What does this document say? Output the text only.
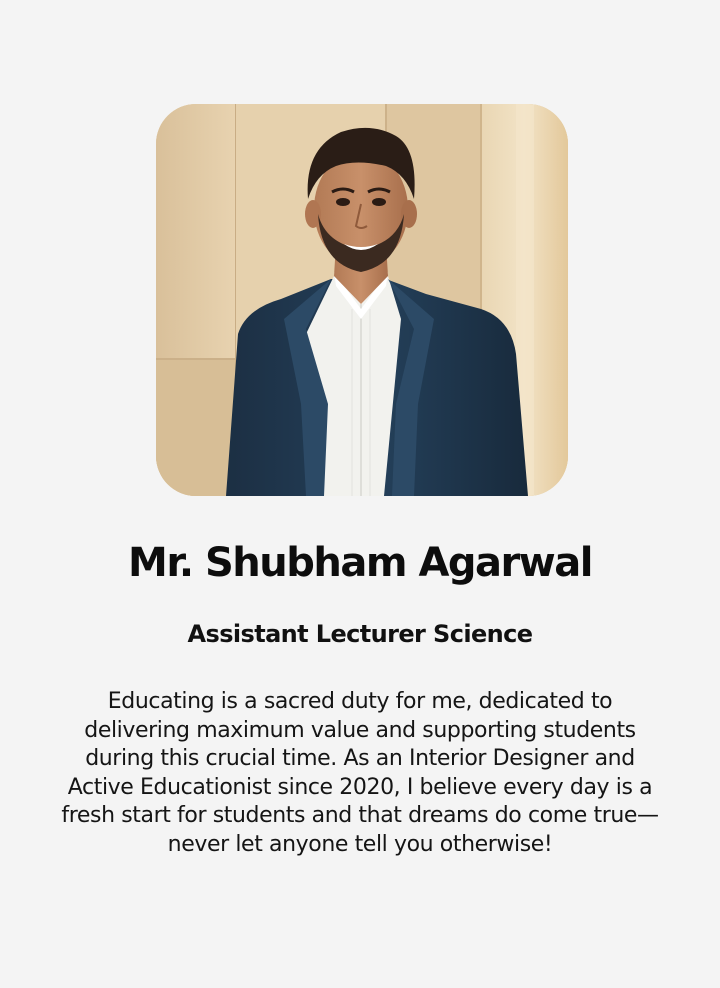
Mr. Shubham Agarwal
Assistant Lecturer Science

Educating is a sacred duty for me, dedicated to delivering maximum value and supporting students during this crucial time. As an Interior Designer and Active Educationist since 2020, I believe every day is a fresh start for students and that dreams do come true—never let anyone tell you otherwise!
